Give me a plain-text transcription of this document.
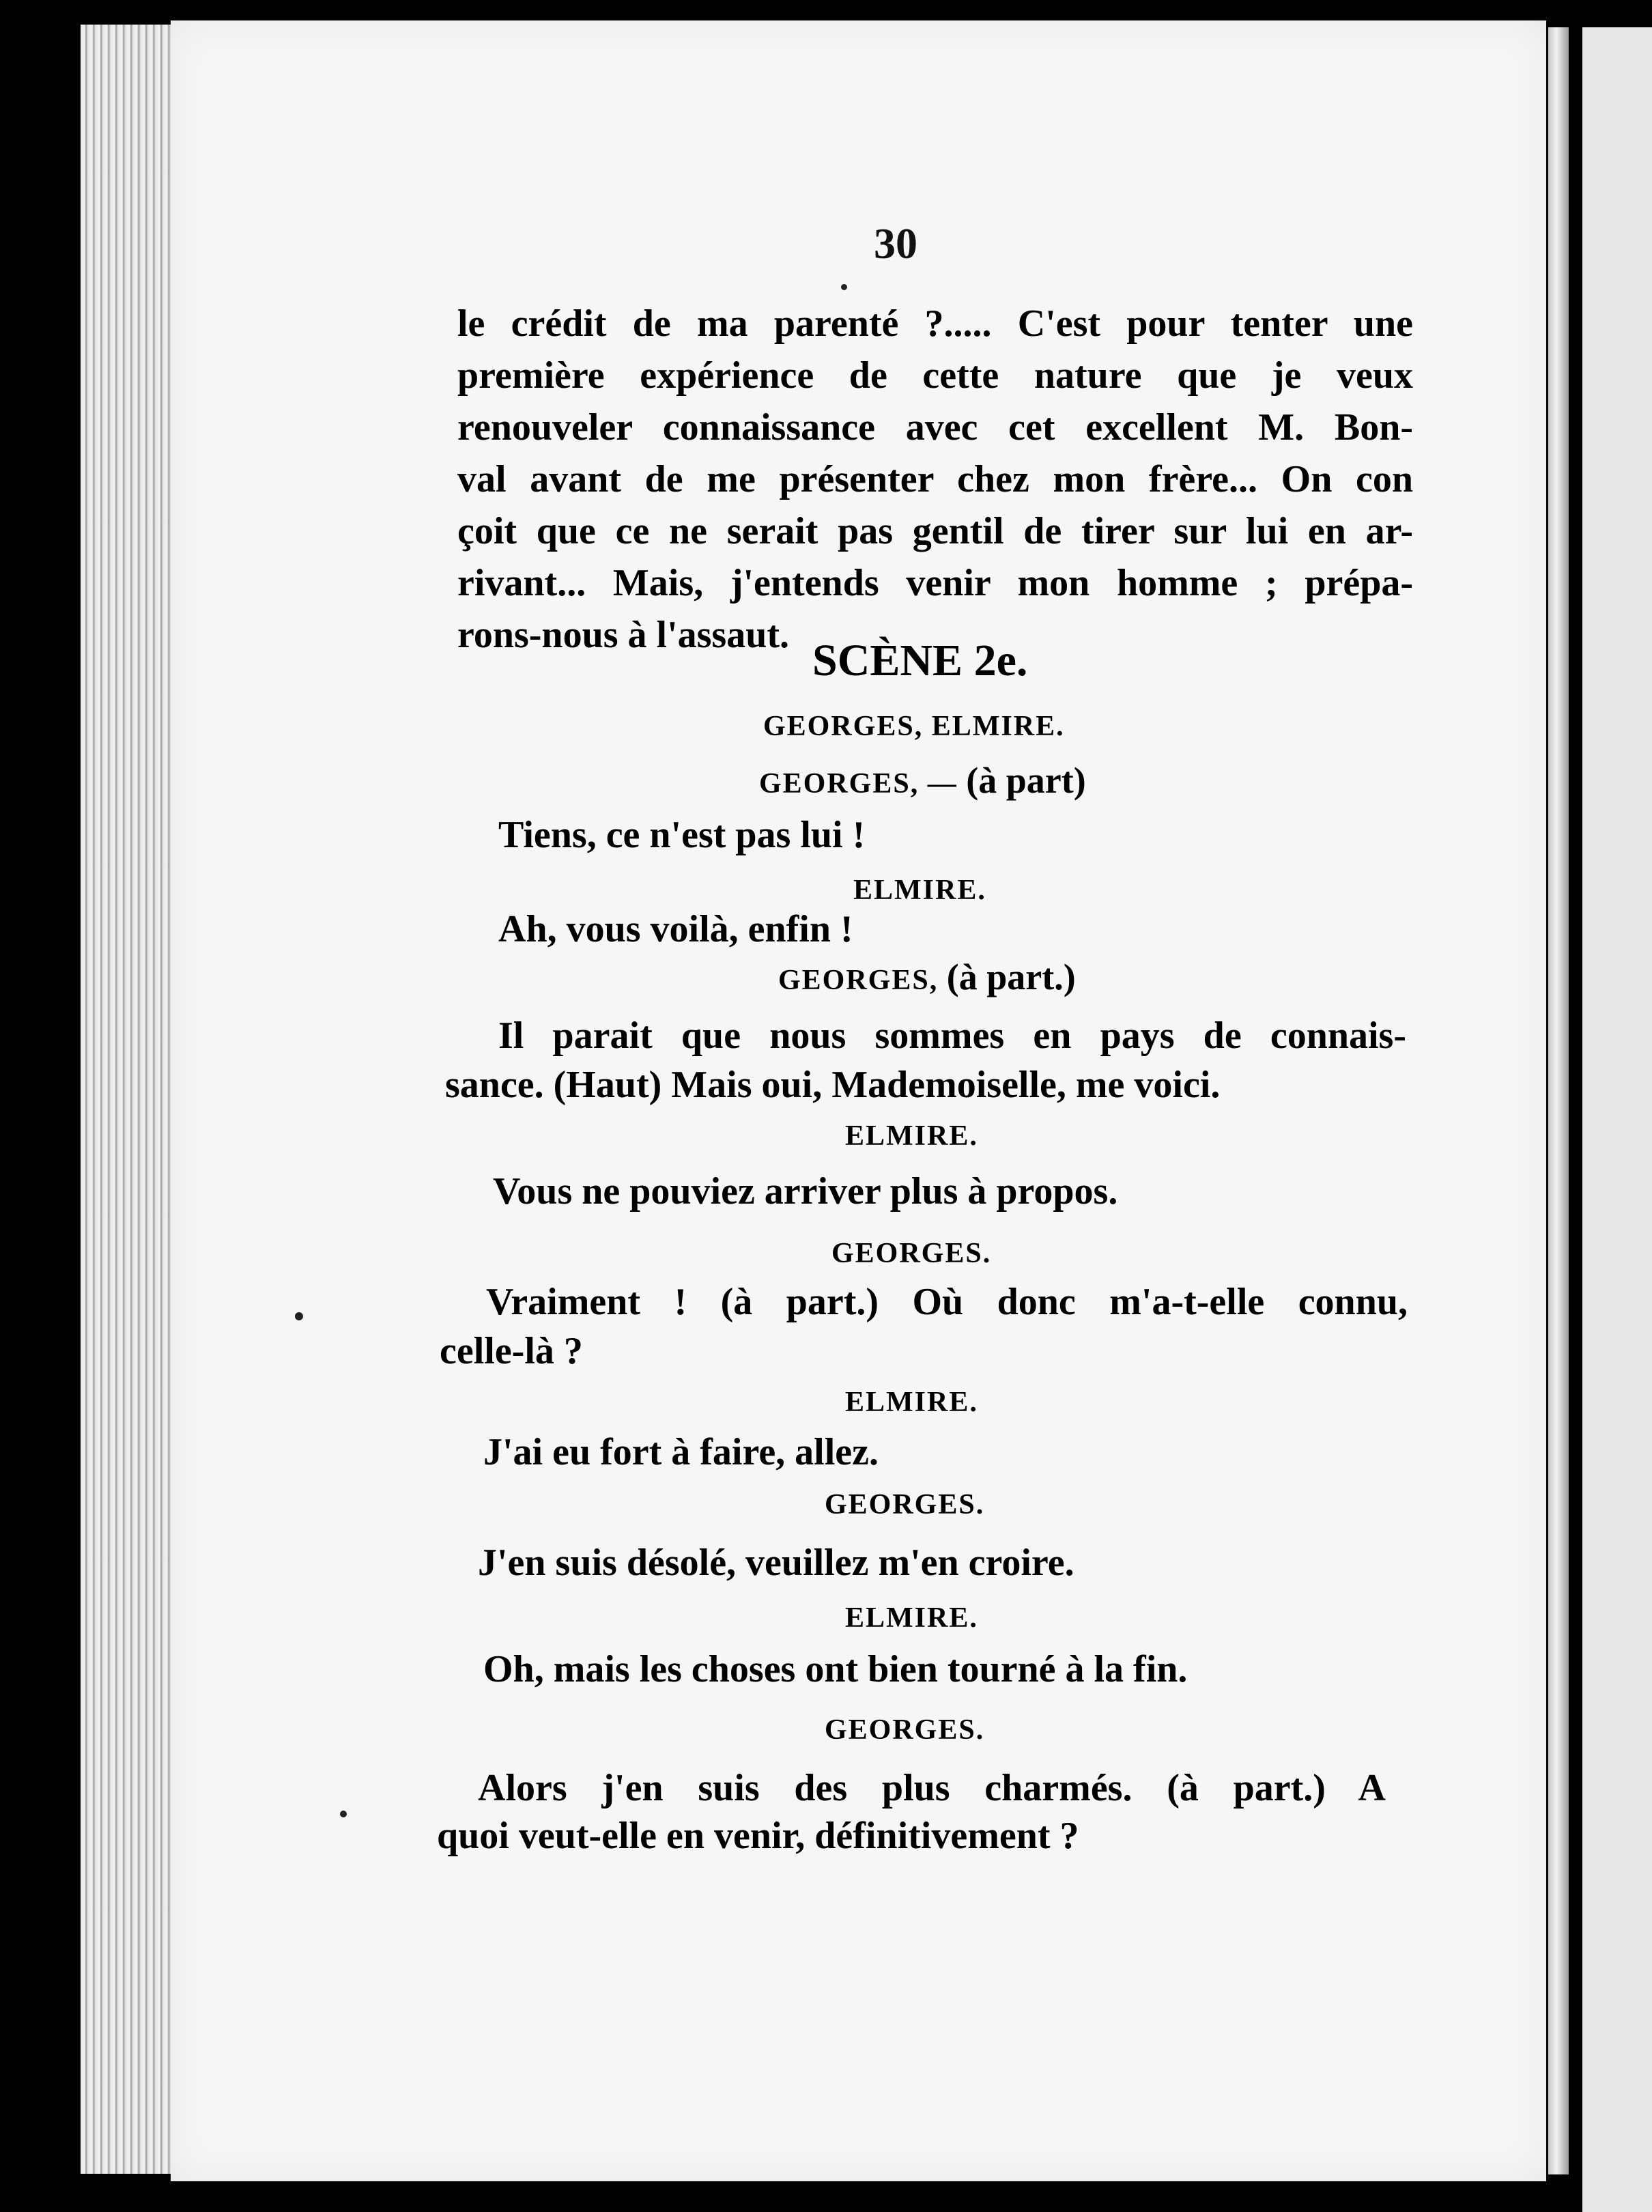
30
le crédit de ma parenté ?..... C'est pour tenter une
première expérience de cette nature que je veux
renouveler connaissance avec cet excellent M. Bon-
val avant de me présenter chez mon frère... On con
çoit que ce ne serait pas gentil de tirer sur lui en ar-
rivant... Mais, j'entends venir mon homme ; prépa-
rons-nous à l'assaut.
SCÈNE 2e.
GEORGES, ELMIRE.
GEORGES, — (à part)
Tiens, ce n'est pas lui !
ELMIRE.
Ah, vous voilà, enfin !
GEORGES, (à part.)
Il parait que nous sommes en pays de connais-
sance. (Haut) Mais oui, Mademoiselle, me voici.
ELMIRE.
Vous ne pouviez arriver plus à propos.
GEORGES.
Vraiment ! (à part.) Où donc m'a-t-elle connu,
celle-là ?
ELMIRE.
J'ai eu fort à faire, allez.
GEORGES.
J'en suis désolé, veuillez m'en croire.
ELMIRE.
Oh, mais les choses ont bien tourné à la fin.
GEORGES.
Alors j'en suis des plus charmés. (à part.) A
quoi veut-elle en venir, définitivement ?
